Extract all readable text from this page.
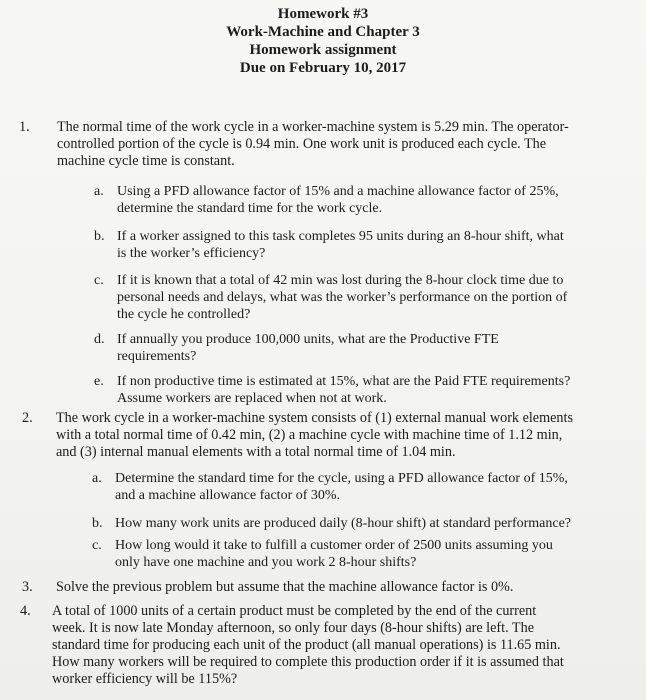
Homework #3
Work-Machine and Chapter 3
Homework assignment
Due on February 10, 2017
1. The normal time of the work cycle in a worker-machine system is 5.29 min. The operator-
controlled portion of the cycle is 0.94 min. One work unit is produced each cycle. The
machine cycle time is constant.
a. Using a PFD allowance factor of 15% and a machine allowance factor of 25%,
determine the standard time for the work cycle.
b. If a worker assigned to this task completes 95 units during an 8-hour shift, what
is the worker’s efficiency?
c. If it is known that a total of 42 min was lost during the 8-hour clock time due to
personal needs and delays, what was the worker’s performance on the portion of
the cycle he controlled?
d. If annually you produce 100,000 units, what are the Productive FTE
requirements?
e. If non productive time is estimated at 15%, what are the Paid FTE requirements?
Assume workers are replaced when not at work.
2. The work cycle in a worker-machine system consists of (1) external manual work elements
with a total normal time of 0.42 min, (2) a machine cycle with machine time of 1.12 min,
and (3) internal manual elements with a total normal time of 1.04 min.
a. Determine the standard time for the cycle, using a PFD allowance factor of 15%,
and a machine allowance factor of 30%.
b. How many work units are produced daily (8-hour shift) at standard performance?
c. How long would it take to fulfill a customer order of 2500 units assuming you
only have one machine and you work 2 8-hour shifts?
3. Solve the previous problem but assume that the machine allowance factor is 0%.
4. A total of 1000 units of a certain product must be completed by the end of the current
week. It is now late Monday afternoon, so only four days (8-hour shifts) are left. The
standard time for producing each unit of the product (all manual operations) is 11.65 min.
How many workers will be required to complete this production order if it is assumed that
worker efficiency will be 115%?
